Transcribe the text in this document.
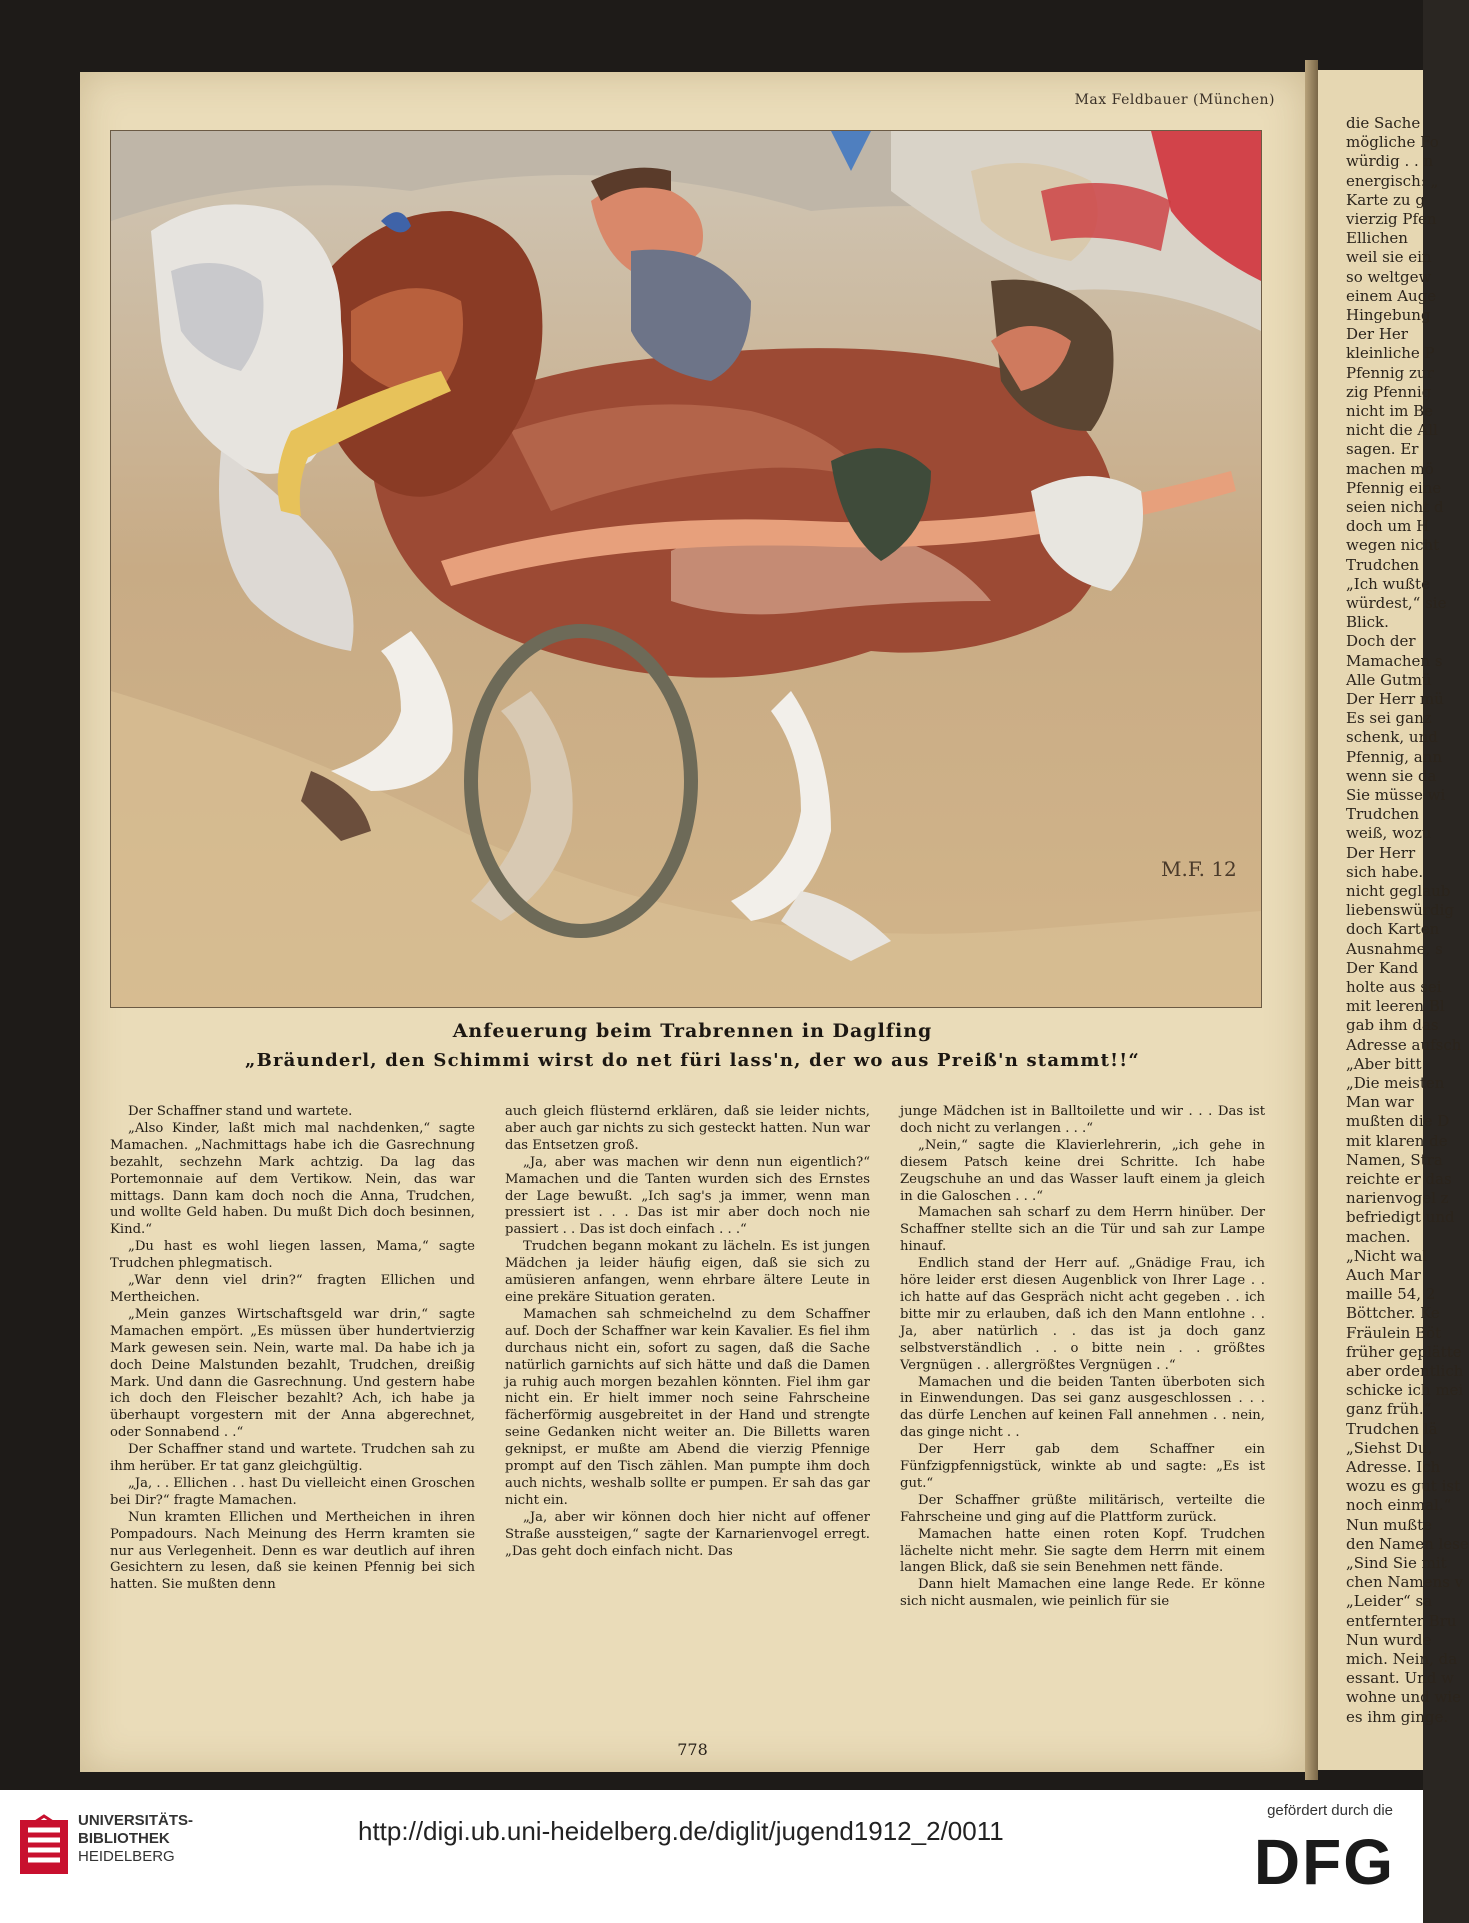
Max Feldbauer (München)
M.F. 12
Anfeuerung beim Trabrennen in Daglfing
„Bräunderl, den Schimmi wirst do net füri lass'n, der wo aus Preiß'n stammt!!“

Der Schaffner stand und wartete.

„Also Kinder, laßt mich mal nachdenken,“ sagte Mamachen. „Nachmittags habe ich die Gasrechnung bezahlt, sechzehn Mark achtzig. Da lag das Portemonnaie auf dem Vertikow. Nein, das war mittags. Dann kam doch noch die Anna, Trudchen, und wollte Geld haben. Du mußt Dich doch besinnen, Kind.“

„Du hast es wohl liegen lassen, Mama,“ sagte Trudchen phlegmatisch.

„War denn viel drin?“ fragten Ellichen und Mertheichen.

„Mein ganzes Wirtschaftsgeld war drin,“ sagte Mamachen empört. „Es müssen über hundertvierzig Mark gewesen sein. Nein, warte mal. Da habe ich ja doch Deine Malstunden bezahlt, Trudchen, dreißig Mark. Und dann die Gasrechnung. Und gestern habe ich doch den Fleischer bezahlt? Ach, ich habe ja überhaupt vorgestern mit der Anna abgerechnet, oder Sonnabend . .“

Der Schaffner stand und wartete. Trudchen sah zu ihm herüber. Er tat ganz gleichgültig.

„Ja, . . Ellichen . . hast Du vielleicht einen Groschen bei Dir?“ fragte Mamachen.

Nun kramten Ellichen und Mertheichen in ihren Pompadours. Nach Meinung des Herrn kramten sie nur aus Verlegenheit. Denn es war deutlich auf ihren Gesichtern zu lesen, daß sie keinen Pfennig bei sich hatten. Sie mußten denn

auch gleich flüsternd erklären, daß sie leider nichts, aber auch gar nichts zu sich gesteckt hatten. Nun war das Entsetzen groß.

„Ja, aber was machen wir denn nun eigentlich?“ Mamachen und die Tanten wurden sich des Ernstes der Lage bewußt. „Ich sag's ja immer, wenn man pressiert ist . . . Das ist mir aber doch noch nie passiert . . Das ist doch einfach . . .“

Trudchen begann mokant zu lächeln. Es ist jungen Mädchen ja leider häufig eigen, daß sie sich zu amüsieren anfangen, wenn ehrbare ältere Leute in eine prekäre Situation geraten.

Mamachen sah schmeichelnd zu dem Schaffner auf. Doch der Schaffner war kein Kavalier. Es fiel ihm durchaus nicht ein, sofort zu sagen, daß die Sache natürlich garnichts auf sich hätte und daß die Damen ja ruhig auch morgen bezahlen könnten. Fiel ihm gar nicht ein. Er hielt immer noch seine Fahrscheine fächerförmig ausgebreitet in der Hand und strengte seine Gedanken nicht weiter an. Die Billetts waren geknipst, er mußte am Abend die vierzig Pfennige prompt auf den Tisch zählen. Man pumpte ihm doch auch nichts, weshalb sollte er pumpen. Er sah das gar nicht ein.

„Ja, aber wir können doch hier nicht auf offener Straße aussteigen,“ sagte der Karnarienvogel erregt. „Das geht doch einfach nicht. Das

junge Mädchen ist in Balltoilette und wir . . . Das ist doch nicht zu verlangen . . .“

„Nein,“ sagte die Klavierlehrerin, „ich gehe in diesem Patsch keine drei Schritte. Ich habe Zeugschuhe an und das Wasser lauft einem ja gleich in die Galoschen . . .“

Mamachen sah scharf zu dem Herrn hinüber. Der Schaffner stellte sich an die Tür und sah zur Lampe hinauf.

Endlich stand der Herr auf. „Gnädige Frau, ich höre leider erst diesen Augenblick von Ihrer Lage . . ich hatte auf das Gespräch nicht acht gegeben . . ich bitte mir zu erlauben, daß ich den Mann entlohne . . Ja, aber natürlich . . das ist ja doch ganz selbstverständlich . . o bitte nein . . größtes Vergnügen . . allergrößtes Vergnügen . .“

Mamachen und die beiden Tanten überboten sich in Einwendungen. Das sei ganz ausgeschlossen . . . das dürfe Lenchen auf keinen Fall annehmen . . nein, das ginge nicht . .

Der Herr gab dem Schaffner ein Fünfzigpfennigstück, winkte ab und sagte: „Es ist gut.“

Der Schaffner grüßte militärisch, verteilte die Fahrscheine und ging auf die Plattform zurück.

Mamachen hatte einen roten Kopf. Trudchen lächelte nicht mehr. Sie sagte dem Herrn mit einem langen Blick, daß sie sein Benehmen nett fände.

Dann hielt Mamachen eine lange Rede. Er könne sich nicht ausmalen, wie peinlich für sie

778
die Sache
mögliche Fo
würdig . . n
energisch: „
Karte zu g
vierzig Pfen
Ellichen
weil sie ein
so weltgew
einem Auge
Hingebung
Der Her
kleinliche P
Pfennig zur
zig Pfennig
nicht im Be
nicht die All
sagen. Er
machen mö
Pfennig eine
seien nicht d
doch um H
wegen nicht
Trudchen
„Ich wußte
würdest,“ sie
Blick.
Doch der
Mamachen s
Alle Gutmü
Der Herr mü
Es sei ganz
schenk, und
Pfennig, ann
wenn sie da
Sie müsse wi
Trudchen
weiß, wozu
Der Herr
sich habe.
nicht geglaub
liebenswürdig
doch Karten
Ausnahme, s
Der Kand
holte aus sei
mit leeren Bl
gab ihm das
Adresse aufsch
„Aber bitt
„Die meisten
Man war
mußten die D
mit klaren de
Namen, Stra
reichte er das
narienvogel z
befriedigt und
machen.
„Nicht wal
Auch Mar
maille 54, 2
Böttcher. Ke
Fräulein Böt
früher geplätte
aber ordentlich
schicke ich mei
ganz früh.“
Trudchen lä
„Siehst Du,
Adresse. Ich
wozu es gut ist
noch einmal.“
Nun mußte
den Namen lese
„Sind Sie mit
chen Namens v
„Leider“ sa
entfernter Bru
Nun wurde
mich. Nein, da
essant. Und w
wohne und wie
es ihm ginge.
UNIVERSITÄTS-
BIBLIOTHEK
HEIDELBERG
http://digi.ub.uni-heidelberg.de/diglit/jugend1912_2/0011
gefördert durch die
DFG
